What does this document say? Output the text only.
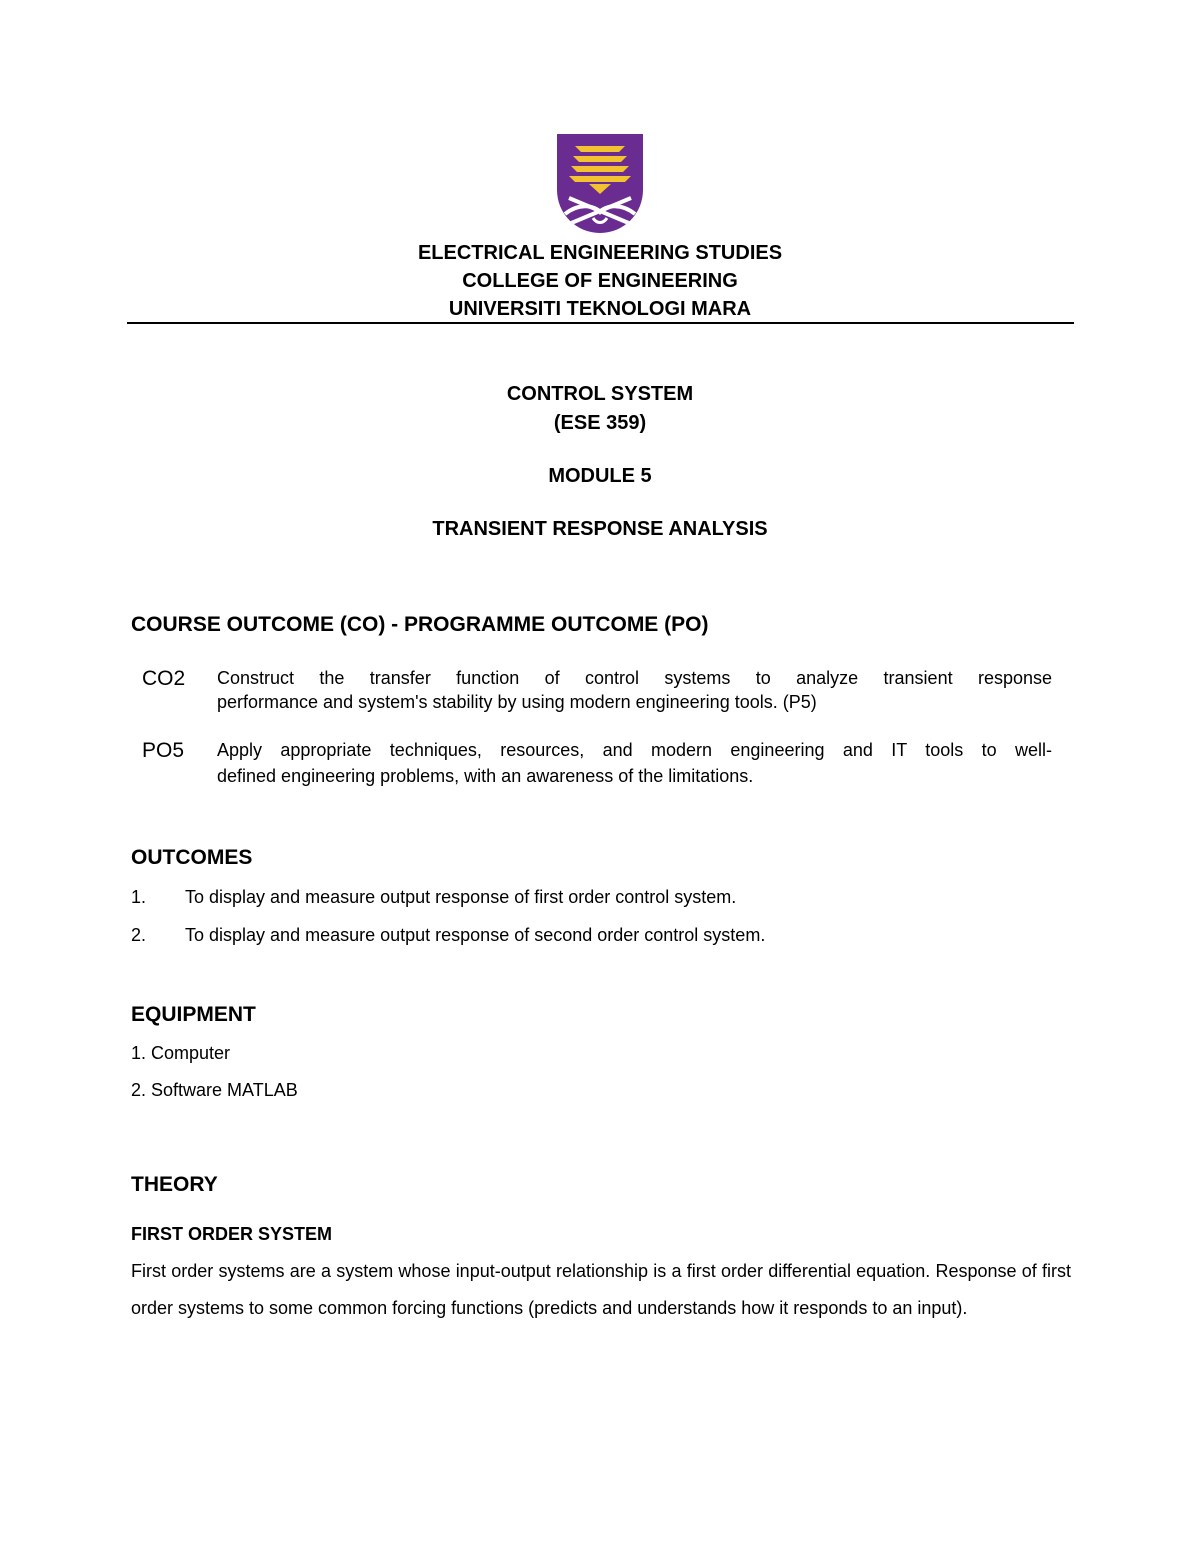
ELECTRICAL ENGINEERING STUDIES

COLLEGE OF ENGINEERING

UNIVERSITI TEKNOLOGI MARA

CONTROL SYSTEM

(ESE 359)

MODULE 5

TRANSIENT RESPONSE ANALYSIS

COURSE OUTCOME (CO) - PROGRAMME OUTCOME (PO)

CO2 Construct the transfer function of control systems to analyze transient response
performance and system's stability by using modern engineering tools. (P5)
PO5 Apply appropriate techniques, resources, and modern engineering and IT tools to well-
defined engineering problems, with an awareness of the limitations.

OUTCOMES

1. To display and measure output response of first order control system.
2. To display and measure output response of second order control system.

EQUIPMENT

1. Computer
2. Software MATLAB

THEORY

FIRST ORDER SYSTEM

First order systems are a system whose input-output relationship is a first order differential equation. Response of first order systems to some common forcing functions (predicts and understands how it responds to an input).
